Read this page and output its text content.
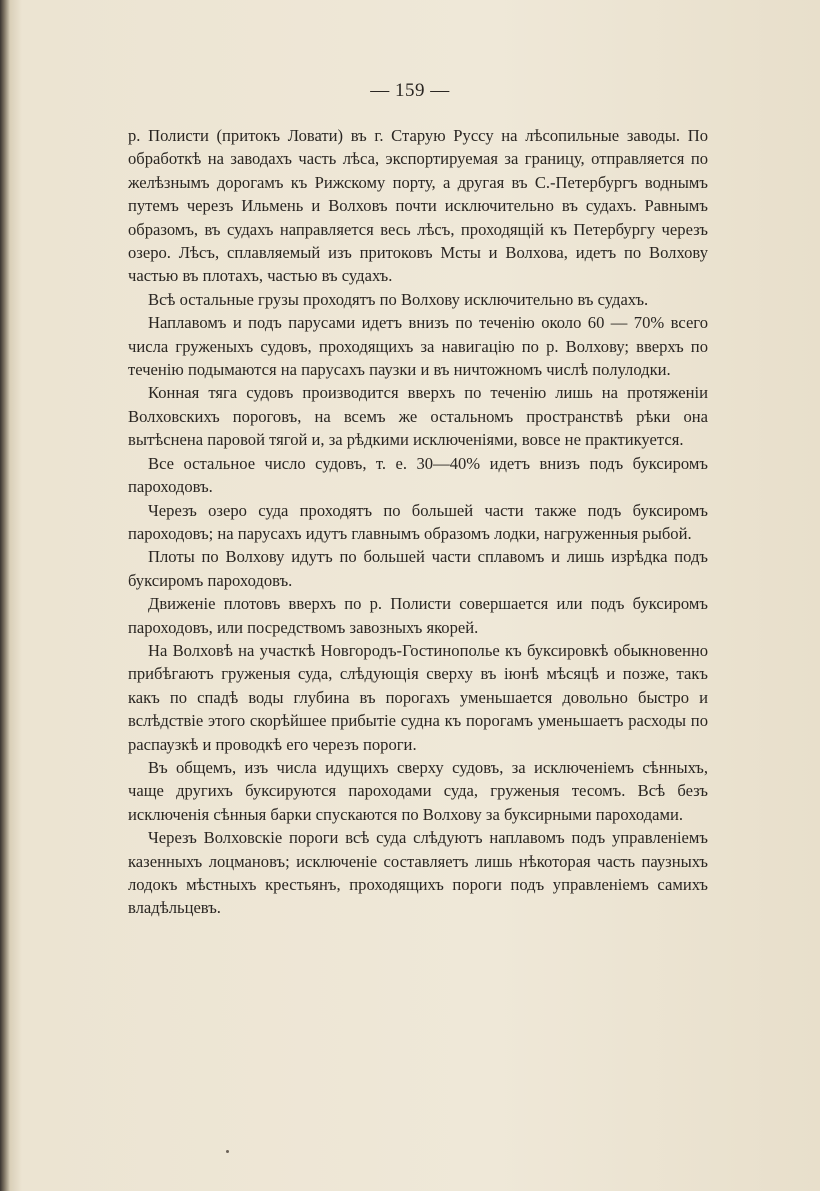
— 159 —

р. Полисти (притокъ Ловати) въ г. Старую Руссу на лѣсопильные заводы. По обработкѣ на заводахъ часть лѣса, экспортируемая за границу, отправляется по желѣзнымъ дорогамъ къ Рижскому порту, а другая въ С.-Петербургъ воднымъ путемъ черезъ Ильмень и Волховъ почти исключительно въ судахъ. Равнымъ образомъ, въ судахъ направляется весь лѣсъ, проходящій къ Петербургу черезъ озеро. Лѣсъ, сплавляемый изъ притоковъ Мсты и Волхова, идетъ по Волхову частью въ плотахъ, частью въ судахъ.

Всѣ остальные грузы проходятъ по Волхову исключительно въ судахъ.

Наплавомъ и подъ парусами идетъ внизъ по теченію около 60 — 70% всего числа груженыхъ судовъ, проходящихъ за навигацію по р. Волхову; вверхъ по теченію подымаются на парусахъ паузки и въ ничтожномъ числѣ полулодки.

Конная тяга судовъ производится вверхъ по теченію лишь на протяженіи Волховскихъ пороговъ, на всемъ же остальномъ пространствѣ рѣки она вытѣснена паровой тягой и, за рѣдкими исключеніями, вовсе не практикуется.

Все остальное число судовъ, т. е. 30—40% идетъ внизъ подъ буксиромъ пароходовъ.

Черезъ озеро суда проходятъ по большей части также подъ буксиромъ пароходовъ; на парусахъ идутъ главнымъ образомъ лодки, нагруженныя рыбой.

Плоты по Волхову идутъ по большей части сплавомъ и лишь изрѣдка подъ буксиромъ пароходовъ.

Движеніе плотовъ вверхъ по р. Полисти совершается или подъ буксиромъ пароходовъ, или посредствомъ завозныхъ якорей.

На Волховѣ на участкѣ Новгородъ-Гостинополье къ буксировкѣ обыкновенно прибѣгаютъ груженыя суда, слѣдующія сверху въ іюнѣ мѣсяцѣ и позже, такъ какъ по спадѣ воды глубина въ порогахъ уменьшается довольно быстро и вслѣдствіе этого скорѣйшее прибытіе судна къ порогамъ уменьшаетъ расходы по распаузкѣ и проводкѣ его черезъ пороги.

Въ общемъ, изъ числа идущихъ сверху судовъ, за исключеніемъ сѣнныхъ, чаще другихъ буксируются пароходами суда, груженыя тесомъ. Всѣ безъ исключенія сѣнныя барки спускаются по Волхову за буксирными пароходами.

Черезъ Волховскіе пороги всѣ суда слѣдуютъ наплавомъ подъ управленіемъ казенныхъ лоцмановъ; исключеніе составляетъ лишь нѣкоторая часть паузныхъ лодокъ мѣстныхъ крестьянъ, проходящихъ пороги подъ управленіемъ самихъ владѣльцевъ.
